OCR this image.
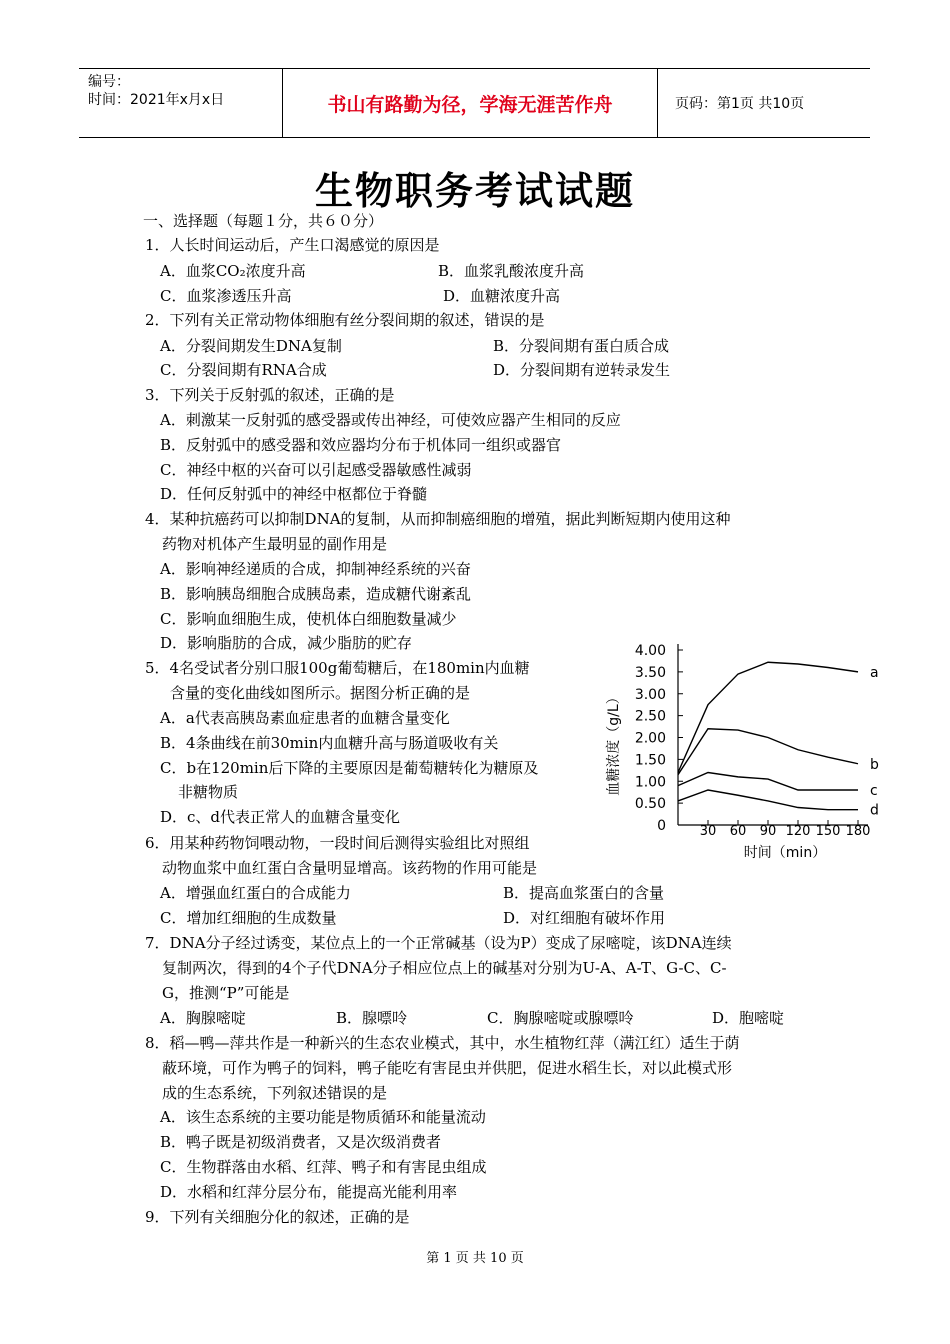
编号：
时间：2021年x月x日	书山有路勤为径，学海无涯苦作舟	页码：第1页 共10页
生物职务考试试题
一、选择题（每题１分，共６０分）
1．人长时间运动后，产生口渴感觉的原因是
A．血浆CO₂浓度升高	B．血浆乳酸浓度升高
C．血浆渗透压升高	D．血糖浓度升高
2．下列有关正常动物体细胞有丝分裂间期的叙述，错误的是
A．分裂间期发生DNA复制	B．分裂间期有蛋白质合成
C．分裂间期有RNA合成	D．分裂间期有逆转录发生
3．下列关于反射弧的叙述，正确的是
A．刺激某一反射弧的感受器或传出神经，可使效应器产生相同的反应
B．反射弧中的感受器和效应器均分布于机体同一组织或器官
C．神经中枢的兴奋可以引起感受器敏感性减弱
D．任何反射弧中的神经中枢都位于脊髓
4．某种抗癌药可以抑制DNA的复制，从而抑制癌细胞的增殖，据此判断短期内使用这种
药物对机体产生最明显的副作用是
A．影响神经递质的合成，抑制神经系统的兴奋
B．影响胰岛细胞合成胰岛素，造成糖代谢紊乱
C．影响血细胞生成，使机体白细胞数量减少
D．影响脂肪的合成，减少脂肪的贮存
5．4名受试者分别口服100g葡萄糖后，在180min内血糖
含量的变化曲线如图所示。据图分析正确的是
A．a代表高胰岛素血症患者的血糖含量变化
B．4条曲线在前30min内血糖升高与肠道吸收有关
C．b在120min后下降的主要原因是葡萄糖转化为糖原及
非糖物质
D．c、d代表正常人的血糖含量变化	0
0.50
1.00
1.50
2.00
2.50
3.00
3.50
4.00
30 60 90 120 150 180
a
b
c
d
血糖浓度（g/L）
时间（min）
6．用某种药物饲喂动物，一段时间后测得实验组比对照组
动物血浆中血红蛋白含量明显增高。该药物的作用可能是
A．增强血红蛋白的合成能力	B．提高血浆蛋白的含量
C．增加红细胞的生成数量	D．对红细胞有破坏作用
7．DNA分子经过诱变，某位点上的一个正常碱基（设为P）变成了尿嘧啶，该DNA连续
复制两次，得到的4个子代DNA分子相应位点上的碱基对分别为U-A、A-T、G-C、C-
G，推测“P”可能是
A．胸腺嘧啶	B．腺嘌呤	C．胸腺嘧啶或腺嘌呤	D．胞嘧啶
8．稻—鸭—萍共作是一种新兴的生态农业模式，其中，水生植物红萍（满江红）适生于荫
蔽环境，可作为鸭子的饲料，鸭子能吃有害昆虫并供肥，促进水稻生长，对以此模式形
成的生态系统，下列叙述错误的是
A．该生态系统的主要功能是物质循环和能量流动
B．鸭子既是初级消费者，又是次级消费者
C．生物群落由水稻、红萍、鸭子和有害昆虫组成
D．水稻和红萍分层分布，能提高光能利用率
9．下列有关细胞分化的叙述，正确的是
第 1 页 共 10 页
